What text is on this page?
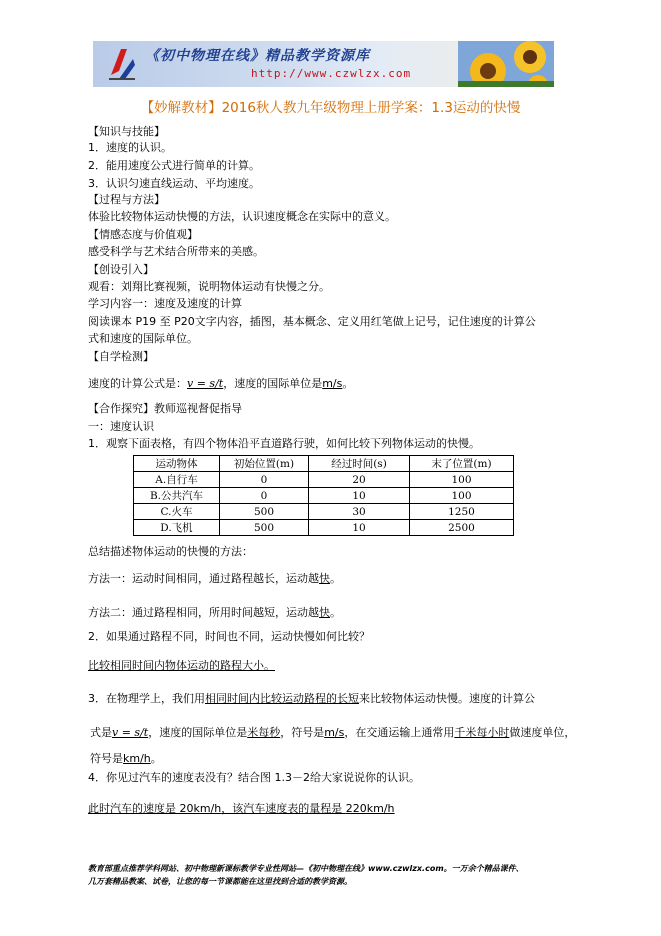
《初中物理在线》精品教学资源库
http://www.czwlzx.com
【妙解教材】2016秋人教九年级物理上册学案：1.3运动的快慢
【知识与技能】
1．速度的认识。
2．能用速度公式进行简单的计算。
3．认识匀速直线运动、平均速度。
【过程与方法】
体验比较物体运动快慢的方法，认识速度概念在实际中的意义。
【情感态度与价值观】
感受科学与艺术结合所带来的美感。
【创设引入】
观看：刘翔比赛视频，说明物体运动有快慢之分。
学习内容一：速度及速度的计算
阅读课本 P19 至 P20文字内容，插图，基本概念、定义用红笔做上记号，记住速度的计算公
式和速度的国际单位。
【自学检测】
速度的计算公式是：v = s/t，速度的国际单位是m/s。
【合作探究】教师巡视督促指导
一：速度认识
1．观察下面表格，有四个物体沿平直道路行驶，如何比较下列物体运动的快慢。
运动物体	初始位置(m)	经过时间(s)	末了位置(m)
A.自行车	0	20	100
B.公共汽车	0	10	100
C.火车	500	30	1250
D.飞机	500	10	2500
总结描述物体运动的快慢的方法：
方法一：运动时间相同，通过路程越长，运动越快。
方法二：通过路程相同，所用时间越短，运动越快。
2．如果通过路程不同，时间也不同，运动快慢如何比较？
比较相同时间内物体运动的路程大小。
3．在物理学上，我们用相同时间内比较运动路程的长短来比较物体运动快慢。速度的计算公
式是v = s/t，速度的国际单位是米每秒，符号是m/s，在交通运输上通常用千米每小时做速度单位，
符号是km/h。
4．你见过汽车的速度表没有？结合图 1.3－2给大家说说你的认识。
此时汽车的速度是 20km/h，该汽车速度表的量程是 220km/h
教育部重点推荐学科网站、初中物理新课标教学专业性网站—《初中物理在线》www.czwlzx.com。一万余个精品课件、
几万套精品教案、试卷，让您的每一节课都能在这里找到合适的教学资源。
